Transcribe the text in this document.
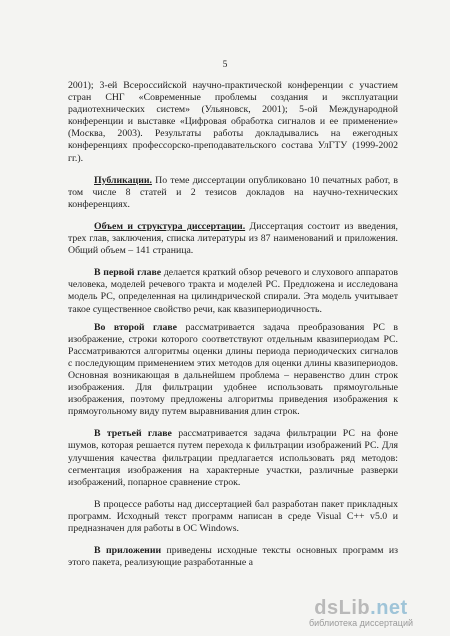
5

2001); 3-ей Всероссийской научно-практической конференции с участием стран СНГ «Современные проблемы создания и эксплуатации радиотехнических систем» (Ульяновск, 2001); 5-ой Международной конференции и выставке «Цифровая обработка сигналов и ее применение» (Москва, 2003). Результаты работы докладывались на ежегодных конференциях профессорско-преподавательского состава УлГТУ (1999-2002 гг.).

Публикации. По теме диссертации опубликовано 10 печатных работ, в том числе 8 статей и 2 тезисов докладов на научно-технических конференциях.

Объем и структура диссертации. Диссертация состоит из введения, трех глав, заключения, списка литературы из 87 наименований и приложения. Общий объем – 141 страница.

В первой главе делается краткий обзор речевого и слухового аппаратов человека, моделей речевого тракта и моделей РС. Предложена и исследована модель РС, определенная на цилиндрической спирали. Эта модель учитывает такое существенное свойство речи, как квазипериодичность.

Во второй главе рассматривается задача преобразования РС в изображение, строки которого соответствуют отдельным квазипериодам РС. Рассматриваются алгоритмы оценки длины периода периодических сигналов с последующим применением этих методов для оценки длины квазипериодов. Основная возникающая в дальнейшем проблема – неравенство длин строк изображения. Для фильтрации удобнее использовать прямоугольные изображения, поэтому предложены алгоритмы приведения изображения к прямоугольному виду путем выравнивания длин строк.

В третьей главе рассматривается задача фильтрации РС на фоне шумов, которая решается путем перехода к фильтрации изображений РС. Для улучшения качества фильтрации предлагается использовать ряд методов: сегментация изображения на характерные участки, различные разверки изображений, попарное сравнение строк.

В процессе работы над диссертацией бал разработан пакет прикладных программ. Исходный текст программ написан в среде Visual C++ v5.0 и предназначен для работы в ОС Windows.

В приложении приведены исходные тексты основных программ из этого пакета, реализующие разработанные а

dsLib.net
библиотека диссертаций
